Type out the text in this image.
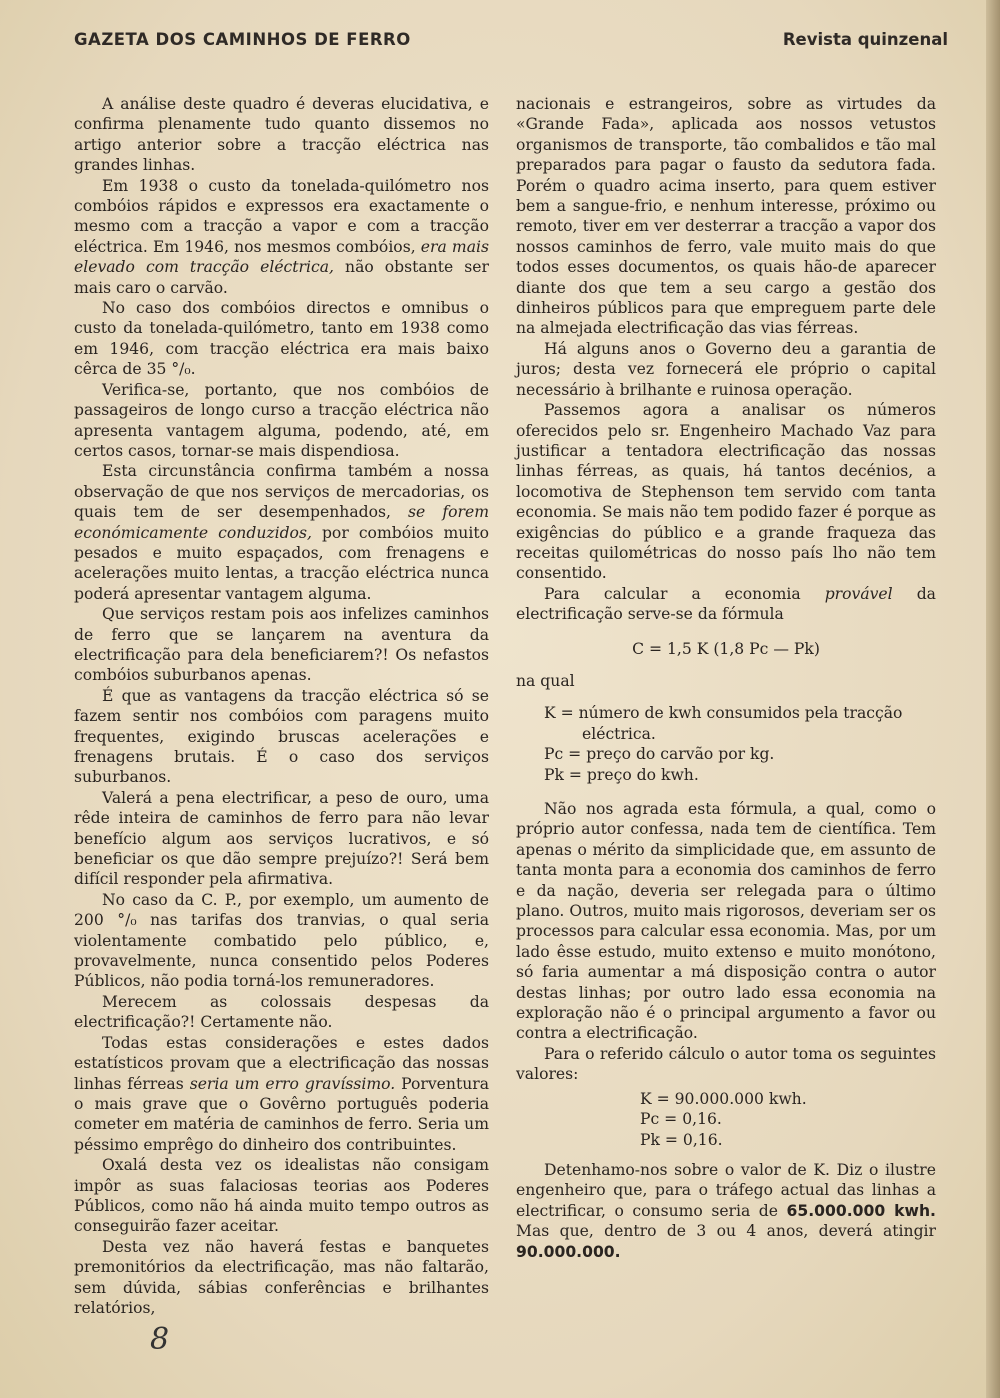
GAZETA DOS CAMINHOS DE FERRO	Revista quinzenal

A análise deste quadro é deveras elucidativa, e confirma plenamente tudo quanto dissemos no artigo anterior sobre a tracção eléctrica nas grandes linhas.

Em 1938 o custo da tonelada-quilómetro nos combóios rápidos e expressos era exactamente o mesmo com a tracção a vapor e com a tracção eléctrica. Em 1946, nos mesmos combóios, era mais elevado com tracção eléctrica, não obstante ser mais caro o carvão.

No caso dos combóios directos e omnibus o custo da tonelada-quilómetro, tanto em 1938 como em 1946, com tracção eléctrica era mais baixo cêrca de 35 °/₀.

Verifica-se, portanto, que nos combóios de passageiros de longo curso a tracção eléctrica não apresenta vantagem alguma, podendo, até, em certos casos, tornar-se mais dispendiosa.

Esta circunstância confirma também a nossa observação de que nos serviços de mercadorias, os quais tem de ser desempenhados, se forem económicamente conduzidos, por combóios muito pesados e muito espaçados, com frenagens e acelerações muito lentas, a tracção eléctrica nunca poderá apresentar vantagem alguma.

Que serviços restam pois aos infelizes caminhos de ferro que se lançarem na aventura da electrificação para dela beneficiarem?! Os nefastos combóios suburbanos apenas.

É que as vantagens da tracção eléctrica só se fazem sentir nos combóios com paragens muito frequentes, exigindo bruscas acelerações e frenagens brutais. É o caso dos serviços suburbanos.

Valerá a pena electrificar, a peso de ouro, uma rêde inteira de caminhos de ferro para não levar benefício algum aos serviços lucrativos, e só beneficiar os que dão sempre prejuízo?! Será bem difícil responder pela afirmativa.

No caso da C. P., por exemplo, um aumento de 200 °/₀ nas tarifas dos tranvias, o qual seria violentamente combatido pelo público, e, provavelmente, nunca consentido pelos Poderes Públicos, não podia torná-los remuneradores.

Merecem as colossais despesas da electrificação?! Certamente não.

Todas estas considerações e estes dados estatísticos provam que a electrificação das nossas linhas férreas seria um erro gravíssimo. Porventura o mais grave que o Govêrno português poderia cometer em matéria de caminhos de ferro. Seria um péssimo emprêgo do dinheiro dos contribuintes.

Oxalá desta vez os idealistas não consigam impôr as suas falaciosas teorias aos Poderes Públicos, como não há ainda muito tempo outros as conseguirão fazer aceitar.

Desta vez não haverá festas e banquetes premonitórios da electrificação, mas não faltarão, sem dúvida, sábias conferências e brilhantes relatórios,

nacionais e estrangeiros, sobre as virtudes da «Grande Fada», aplicada aos nossos vetustos organismos de transporte, tão combalidos e tão mal preparados para pagar o fausto da sedutora fada. Porém o quadro acima inserto, para quem estiver bem a sangue-frio, e nenhum interesse, próximo ou remoto, tiver em ver desterrar a tracção a vapor dos nossos caminhos de ferro, vale muito mais do que todos esses documentos, os quais hão-de aparecer diante dos que tem a seu cargo a gestão dos dinheiros públicos para que empreguem parte dele na almejada electrificação das vias férreas.

Há alguns anos o Governo deu a garantia de juros; desta vez fornecerá ele próprio o capital necessário à brilhante e ruinosa operação.

Passemos agora a analisar os números oferecidos pelo sr. Engenheiro Machado Vaz para justificar a tentadora electrificação das nossas linhas férreas, as quais, há tantos decénios, a locomotiva de Stephenson tem servido com tanta economia. Se mais não tem podido fazer é porque as exigências do público e a grande fraqueza das receitas quilométricas do nosso país lho não tem consentido.

Para calcular a economia provável da electrificação serve-se da fórmula

C = 1,5 K (1,8 Pc — Pk)

na qual

K = número de kwh consumidos pela tracção
eléctrica.
Pc = preço do carvão por kg.
Pk = preço do kwh.

Não nos agrada esta fórmula, a qual, como o próprio autor confessa, nada tem de científica. Tem apenas o mérito da simplicidade que, em assunto de tanta monta para a economia dos caminhos de ferro e da nação, deveria ser relegada para o último plano. Outros, muito mais rigorosos, deveriam ser os processos para calcular essa economia. Mas, por um lado êsse estudo, muito extenso e muito monótono, só faria aumentar a má disposição contra o autor destas linhas; por outro lado essa economia na exploração não é o principal argumento a favor ou contra a electrificação.

Para o referido cálculo o autor toma os seguintes valores:

K = 90.000.000 kwh.
Pc = 0,16.
Pk = 0,16.

Detenhamo-nos sobre o valor de K. Diz o ilustre engenheiro que, para o tráfego actual das linhas a electrificar, o consumo seria de 65.000.000 kwh. Mas que, dentro de 3 ou 4 anos, deverá atingir 90.000.000.

8
